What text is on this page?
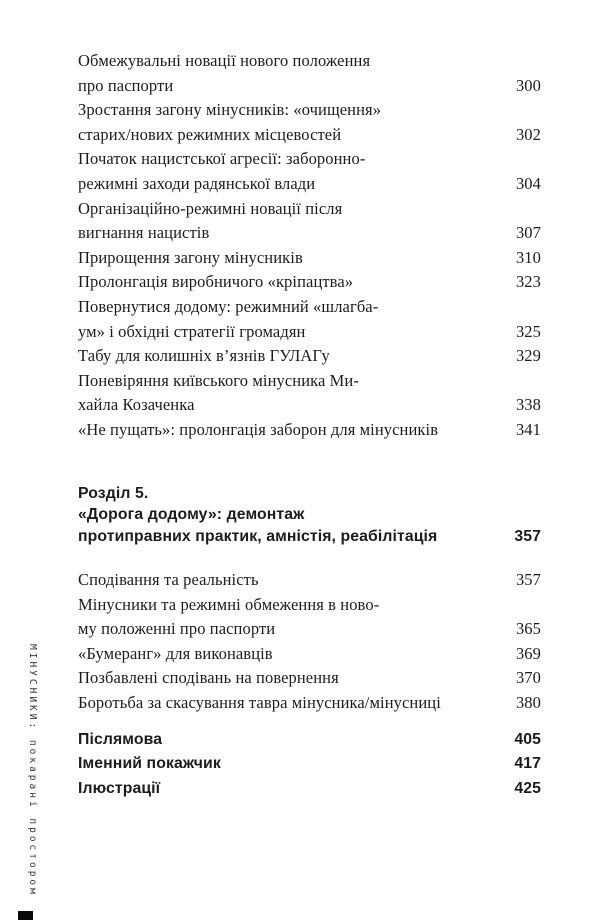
Обмежувальні новації нового положення
про паспорти	300
Зростання загону мінусників: «очищення»
старих/нових режимних місцевостей	302
Початок нацистської агресії: заборонно-
режимні заходи радянської влади	304
Організаційно-режимні новації після
вигнання нацистів	307
Прирощення загону мінусників	310
Пролонгація виробничого «кріпацтва»	323
Повернутися додому: режимний «шлагба-
ум» і обхідні стратегії громадян	325
Табу для колишніх в’язнів ГУЛАГу	329
Поневіряння київського мінусника Ми-
хайла Козаченка	338
«Не пущать»: пролонгація заборон для мінусників	341
Розділ 5.
«Дорога додому»: демонтаж
протиправних практик, амністія, реабілітація	357
Сподівання та реальність	357
Мінусники та режимні обмеження в ново-
му положенні про паспорти	365
«Бумеранг» для виконавців	369
Позбавлені сподівань на повернення	370
Боротьба за скасування тавра мінусника/мінусниці	380
Післямова	405
Іменний покажчик	417
Ілюстрації	425
МІНУСНИКИ: покарані простором
